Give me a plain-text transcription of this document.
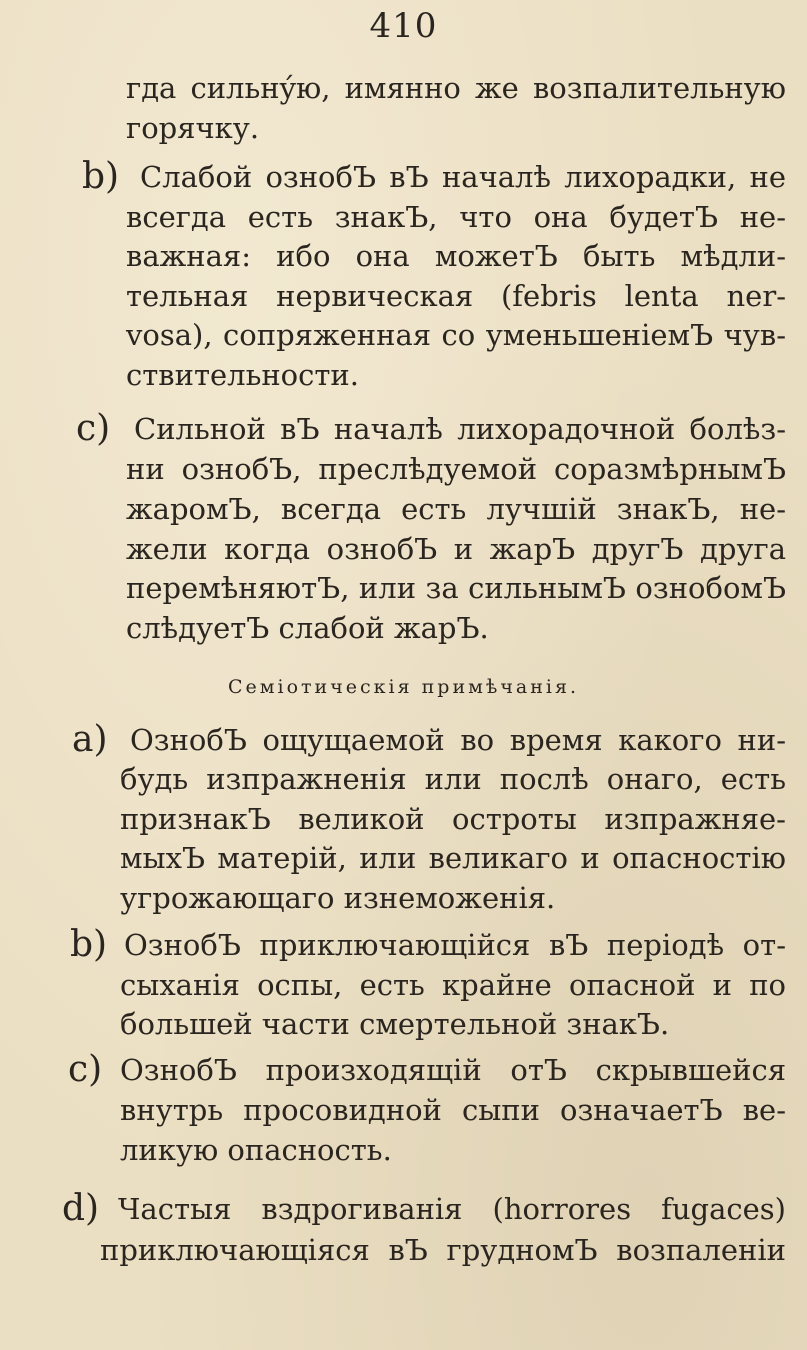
410
гда сильнýю, имянно же возпалительную
горячку.
b) Слабой ознобЪ вЪ началѣ лихорадки, не
всегда есть знакЪ, что она будетЪ не-
важная: ибо она можетЪ быть мѣдли-
тельная нервическая (febris lenta ner-
vosa), сопряженная со уменьшенiемЪ чув-
ствительности.
c) Сильной вЪ началѣ лихорадочной болѣз-
ни ознобЪ, преслѣдуемой соразмѣрнымЪ
жаромЪ, всегда есть лучшiй знакЪ, не-
жели когда ознобЪ и жарЪ другЪ друга
перемѣняютЪ, или за сильнымЪ ознобомЪ
слѣдуетЪ слабой жарЪ.
Семiотическiя примѣчанiя.
a) ОзнобЪ ощущаемой во время какого ни-
будь изпражненiя или послѣ онаго, есть
признакЪ великой остроты изпражняе-
мыхЪ матерiй, или великаго и опасностiю
угрожающаго изнеможенiя.
b) ОзнобЪ приключающiйся вЪ перiодѣ от-
сыханiя оспы, есть крайне опасной и по
большей части смертельной знакЪ.
c) ОзнобЪ произходящiй отЪ скрывшейся
внутрь просовидной сыпи означаетЪ ве-
ликую опасность.
d) Частыя вздрогиванiя (horrores fugaces)
приключающiяся вЪ грудномЪ возпаленiи
